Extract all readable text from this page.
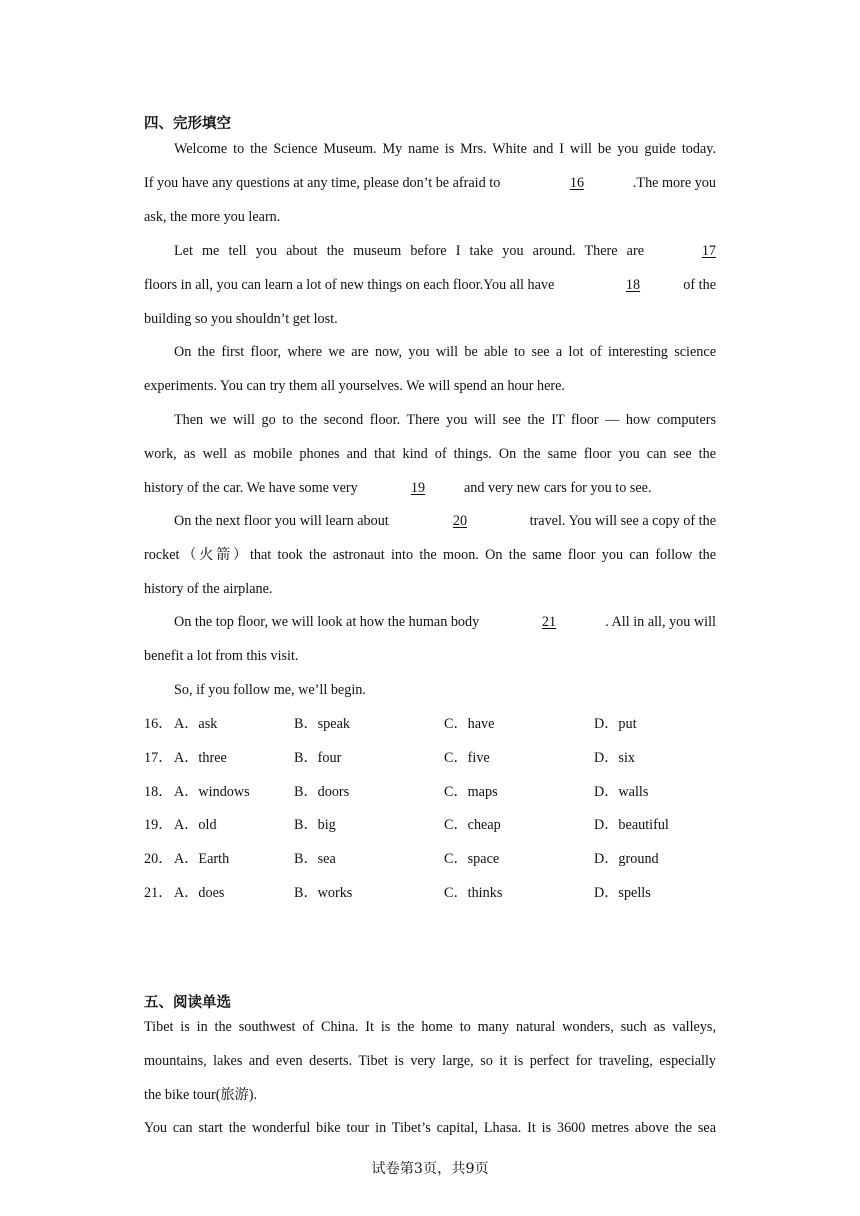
四、完形填空
Welcome to the Science Museum. My name is Mrs. White and I will be you guide today.
If you have any questions at any time, please don’t be afraid to	16	.The more you
ask, the more you learn.
Let me tell you about the museum before I take you around. There are	17
floors in all, you can learn a lot of new things on each floor.You all have	18	of the
building so you shouldn’t get lost.
On the first floor, where we are now, you will be able to see a lot of interesting science
experiments. You can try them all yourselves. We will spend an hour here.
Then we will go to the second floor. There you will see the IT floor — how computers
work, as well as mobile phones and that kind of things. On the same floor you can see the
history of the car. We have some very	19	and very new cars for you to see.
On the next floor you will learn about	20	travel. You will see a copy of the
rocket（火箭）that took the astronaut into the moon. On the same floor you can follow the
history of the airplane.
On the top floor, we will look at how the human body	21	. All in all, you will
benefit a lot from this visit.
So, if you follow me, we’ll begin.
16． A．ask	B．speak	C．have	D．put
17． A．three	B．four	C．five	D．six
18． A．windows	B．doors	C．maps	D．walls
19． A．old	B．big	C．cheap	D．beautiful
20． A．Earth	B．sea	C．space	D．ground
21． A．does	B．works	C．thinks	D．spells
五、阅读单选
Tibet is in the southwest of China. It is the home to many natural wonders, such as valleys,
mountains, lakes and even deserts. Tibet is very large, so it is perfect for traveling, especially
the bike tour(旅游).
You can start the wonderful bike tour in Tibet’s capital, Lhasa. It is 3600 metres above the sea
试卷第3页，共9页
